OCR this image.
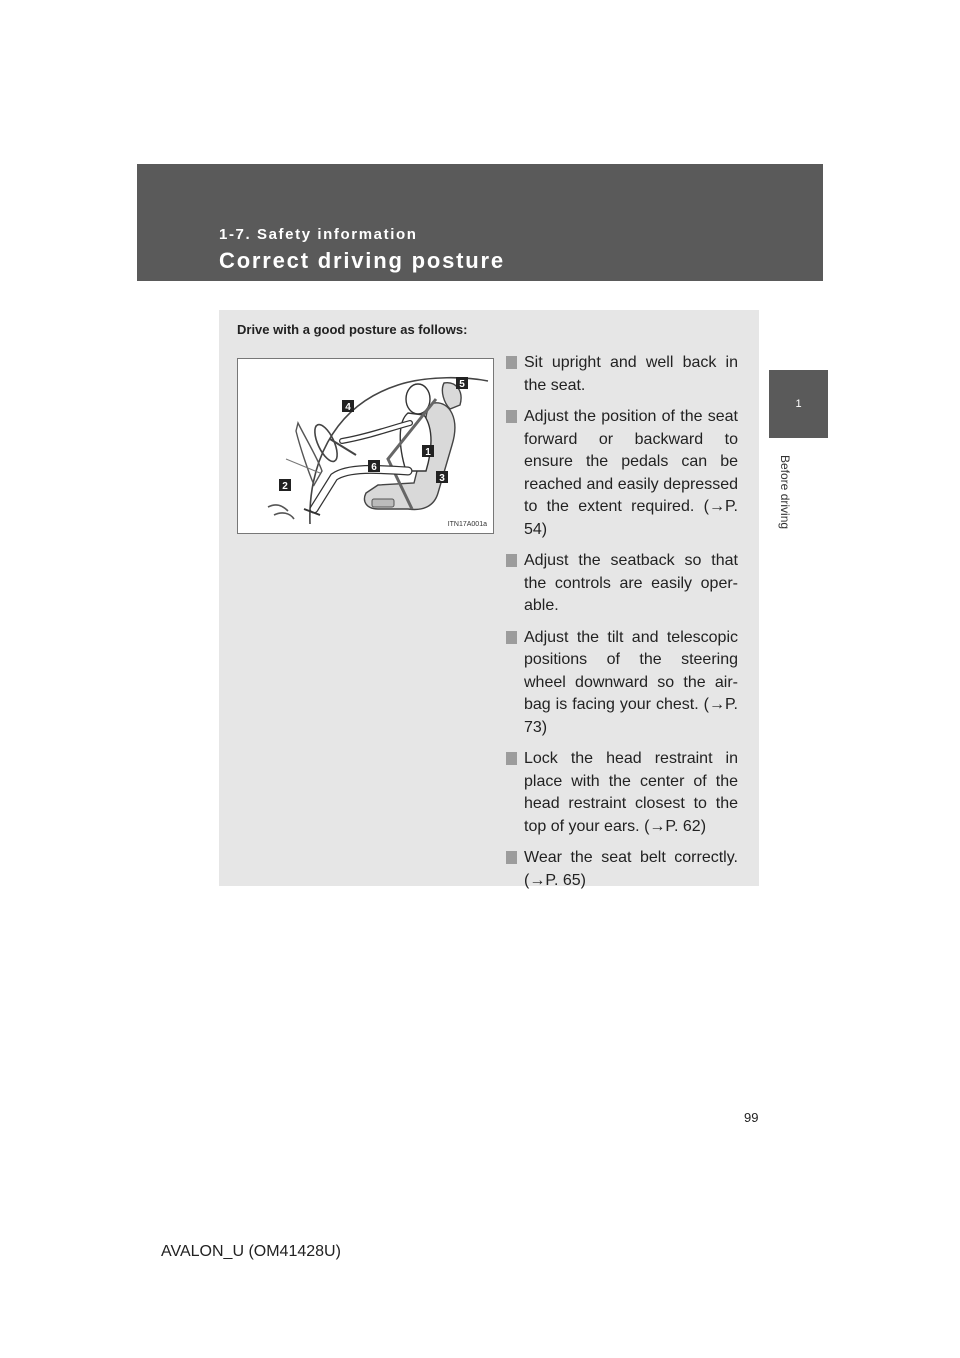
1-7. Safety information
Correct driving posture
1
Before driving
Drive with a good posture as follows:
1
2
3
4
5
6
ITN17A001a
Sit upright and well back in the seat.
Adjust the position of the seat forward or backward to ensure the pedals can be reached and easily depressed to the extent required. (→P. 54)
Adjust the seatback so that the controls are easily oper-able.
Adjust the tilt and telescopic positions of the steering wheel downward so the air-bag is facing your chest. (→P. 73)
Lock the head restraint in place with the center of the head restraint closest to the top of your ears. (→P. 62)
Wear the seat belt correctly. (→P. 65)
99
AVALON_U (OM41428U)
